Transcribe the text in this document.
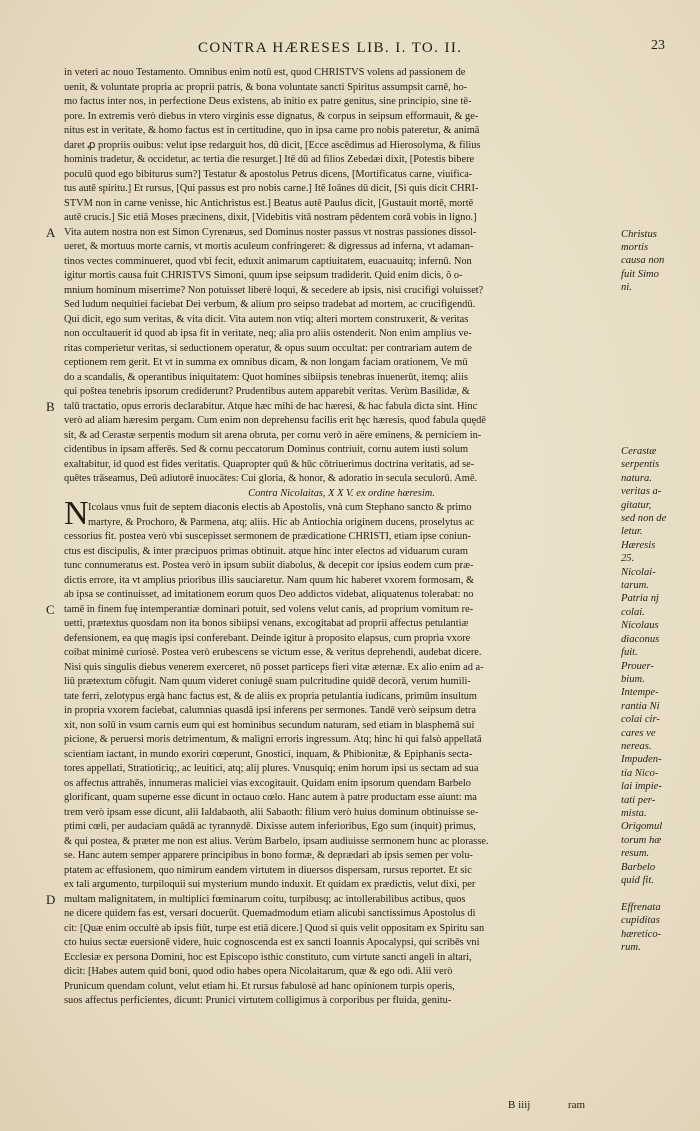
CONTRA HÆRESES LIB. I. TO. II.	23
in veteri ac nouo Testamento. Omnibus enim notū est, quod CHRISTVS volens ad passionem de
uenit, & voluntate propria ac proprii patris, & bona voluntate sancti Spiritus assumpsit carnē, ho-
mo factus inter nos, in perfectione Deus existens, ab initio ex patre genitus, sine principio, sine tē-
pore. In extremis verò diebus in vtero virginis esse dignatus, & corpus in seipsum efformauit, & ge-
nitus est in veritate, & homo factus est in certitudine, quo in ipsa carne pro nobis pateretur, & animā
daret ꝓ propriis ouibus: velut ipse redarguit hos, dū dicit, [Ecce ascēdimus ad Hierosolyma, & filius
hominis tradetur, & occidetur, ac tertia die resurget.] Itē dū ad filios Zebedæi dixit, [Potestis bibere
poculū quod ego bibiturus sum?] Testatur & apostolus Petrus dicens, [Mortificatus carne, viuifica-
tus autē spiritu.] Et rursus, [Qui passus est pro nobis carne.] Itē Ioānes dū dicit, [Si quis dicit CHRI-
STVM non in carne venisse, hic Antichristus est.] Beatus autē Paulus dicit, [Gustauit mortē, mortē
autē crucis.] Sic etiā Moses præcinens, dixit, [Videbitis vitā nostram pēdentem corā vobis in ligno.]
Vita autem nostra non est Simon Cyrenæus, sed Dominus noster passus vt nostras passiones dissol-
ueret, & mortuus morte carnis, vt mortis aculeum confringeret: & digressus ad inferna, vt adaman-
tinos vectes comminueret, quod vbi fecit, eduxit animarum captiuitatem, euacuauitq; infernū. Non
igitur mortis causa fuit CHRISTVS Simoni, quum ipse seipsum tradiderit. Quid enim dicis, ô o-
mnium hominum miserrime? Non potuisset liberè loqui, & secedere ab ipsis, nisi crucifigi voluisset?
Sed ludum nequitiei faciebat Dei verbum, & alium pro seipso tradebat ad mortem, ac crucifigendū.
Qui dicit, ego sum veritas, & vita dicit. Vita autem non vtiq; alteri mortem construxerit, & veritas
non occultauerit id quod ab ipsa fit in veritate, neq; alia pro aliis ostenderit. Non enim amplius ve-
ritas comperietur veritas, si seductionem operatur, & opus suum occultat: per contrariam autem de
ceptionem rem gerit. Et vt in summa ex omnibus dicam, & non longam faciam orationem, Ve mū
do a scandalis, & operantibus iniquitatem: Quot homines sibiipsis tenebras inuenerūt, itemq; aliis
qui poštea tenebris ipsorum crediderunt? Prudentibus autem apparebit veritas. Verùm Basilidæ, &
talū tractatio, opus erroris declarabitur. Atque hæc mihi de hac hæresi, & hac fabula dicta sint. Hinc
verò ad aliam hæresim pergam. Cum enim non deprehensu facilis erit hęc hæresis, quod fabula quędē
sit, & ad Cerastæ serpentis modum sit arena obruta, per cornu verò in aëre eminens, & perniciem in-
cidentibus in ipsam afferēs. Sed & cornu peccatorum Dominus contriuit, cornu autem iusti solum
exaltabitur, id quod est fides veritatis. Quapropter quū & hūc cōtriuerimus doctrina veritatis, ad se-
quētes trāseamus, Deū adiutorē inuocātes: Cui gloria, & honor, & adoratio in secula seculorū. Amē.
Contra Nicolaitas, X X V. ex ordine hæresim.
Icolaus vnus fuit de septem diaconis electis ab Apostolis, vnà cum Stephano sancto & primo
martyre, & Prochoro, & Parmena, atq; aliis. Hic ab Antiochia originem ducens, proselytus ac
cessorius fit. postea verò vbi suscepisset sermonem de prædicatione CHRISTI, etiam ipse coniun-
ctus est discipulis, & inter præcipuos primas obtinuit. atque hinc inter electos ad viduarum curam
tunc connumeratus est. Postea verò in ipsum subiit diabolus, & decepit cor ipsius eodem cum præ-
dictis errore, ita vt amplius prioribus illis sauciaretur. Nam quum hic haberet vxorem formosam, &
ab ipsa se continuisset, ad imitationem eorum quos Deo addictos videbat, aliquatenus tolerabat: no
tamē in finem fuę intemperantiæ dominari potuit, sed volens velut canis, ad proprium vomitum re-
uetti, prætextus quosdam non ita bonos sibiipsi venans, excogitabat ad proprii affectus petulantiæ
defensionem, ea quę magis ipsi conferebant. Deinde igitur à proposito elapsus, cum propria vxore
coibat minimè curiosè. Postea verò erubescens se victum esse, & veritus deprehendi, audebat dicere.
Nisi quis singulis diebus venerem exerceret, nō posset particeps fieri vitæ æternæ. Ex alio enim ad a-
liū prætextum cōfugit. Nam quum videret coniugē suam pulcritudine quidē decorā, verum humili-
tate ferri, zelotypus ergà hanc factus est, & de aliis ex propria petulantia iudicans, primūm insultum
in propria vxorem faciebat, calumnias quasdā ipsi inferens per sermones. Tandē verò seipsum detra
xit, non solū in vsum carnis eum qui est hominibus secundum naturam, sed etiam in blasphemā sui
picione, & peruersi moris detrimentum, & maligni erroris ingressum. Atq; hinc hi qui falsò appellatā
scientiam iactant, in mundo exoriri cœperunt, Gnostici, inquam, & Phibionitæ, & Epiphanis secta-
tores appellati, Stratioticiq;, ac leuitici, atq; alij plures. Vnusquiq; enim horum ipsi us sectam ad sua
os affectus attrahēs, innumeras maliciei vias excogitauit. Quidam enim ipsorum quendam Barbelo
glorificant, quam superne esse dicunt in octauo cœlo. Hanc autem à patre productam esse aiunt: ma
trem verò ipsam esse dicunt, alii Ialdabaoth, alii Sabaoth: filium verò huius dominum obtinuisse se-
ptimi cœli, per audaciam quādā ac tyrannydē. Dixisse autem inferioribus, Ego sum (inquit) primus,
& qui postea, & præter me non est alius. Verùm Barbelo, ipsam audiuisse sermonem hunc ac plorasse.
se. Hanc autem semper apparere principibus in bono formæ, & deprædari ab ipsis semen per volu-
ptatem ac effusionem, quo nimirum eandem virtutem in diuersos dispersam, rursus reportet. Et sic
ex tali argumento, turpiloquii sui mysterium mundo induxit. Et quidam ex prædictis, velut dixi, per
multam malignitatem, in multiplici fœminarum coitu, turpibusq; ac intollerabilibus actibus, quos
ne dicere quidem fas est, versari docuerūt. Quemadmodum etiam alicubi sanctissimus Apostolus di
cit: [Quæ enim occultè ab ipsis fiūt, turpe est etiā dicere.] Quod si quis velit oppositam ex Spiritu san
cto huius sectæ euersionē videre, huic cognoscenda est ex sancti Ioannis Apocalypsi, qui scribēs vni
Ecclesiæ ex persona Domini, hoc est Episcopo isthic constituto, cum virtute sancti angeli in altari,
dicit: [Habes autem quid boni, quod odio habes opera Nicolaitarum, quæ & ego odi. Alii verò
Prunicum quendam colunt, velut etiam hi. Et rursus fabulosè ad hanc opinionem turpis operis,
suos affectus perficientes, dicunt: Prunici virtutem colligimus à corporibus per fluida, genitu-
A
B
C
D
Christus
mortis
causa non
fuit Simo
ni.
Cerastæ
serpentis
natura.
veritas a-
gitatur,
sed non de
letur.
Hæresis
25.
Nicolai-
tarum.
Patria nj
colai.
Nicolaus
diaconus
fuit.
Prouer-
bium.
Intempe-
rantia Ni
colai cir-
cares ve
nereas.
Impuden-
tia Nico-
lai impie-
tati per-
mista.
Origomul
torum hæ
resum.
Barbelo
quid fit.

Effrenata
cupiditas
hæretico-
rum.
N
B iiij	ram
